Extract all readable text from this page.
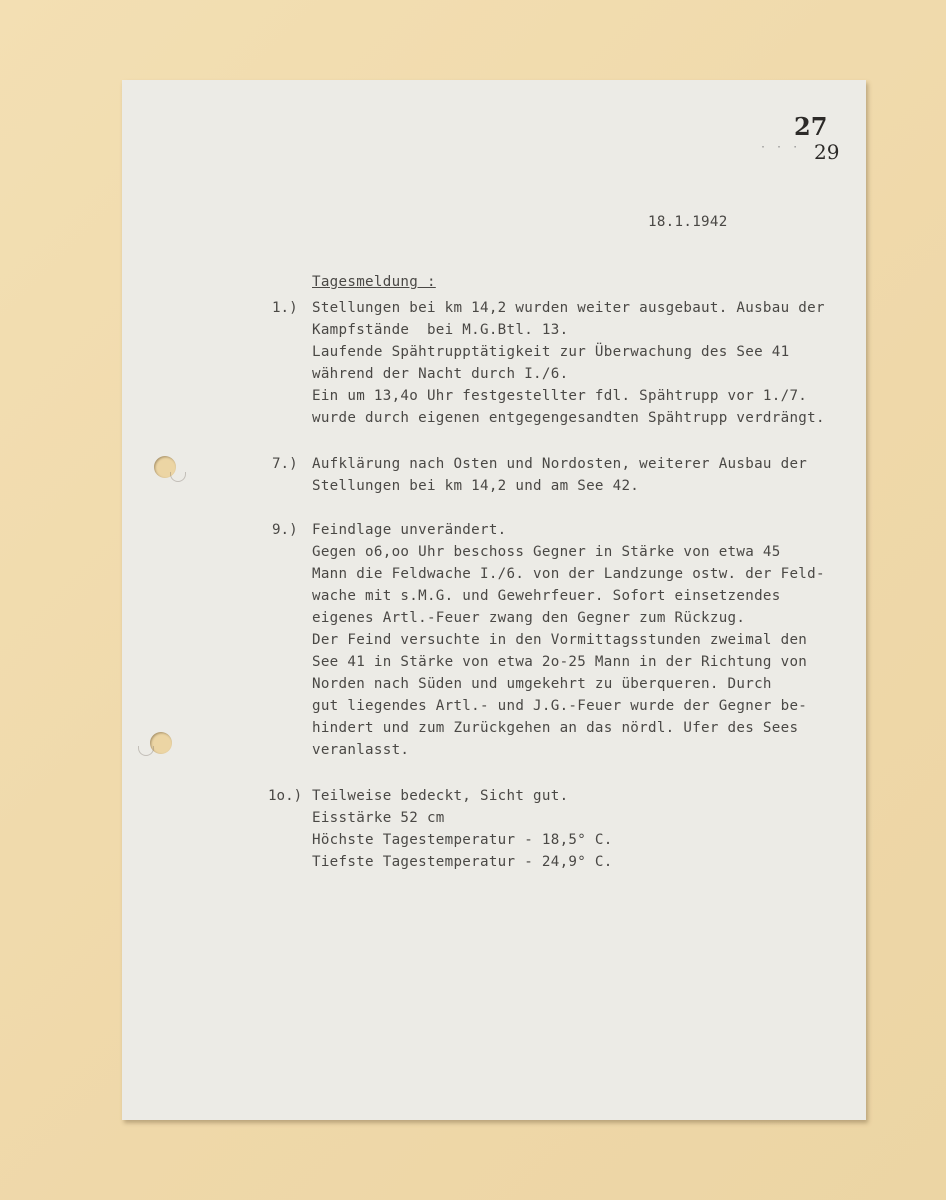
27
· · · 29
18.1.1942
Tagesmeldung :
1.) Stellungen bei km 14,2 wurden weiter ausgebaut. Ausbau der
Kampfstände  bei M.G.Btl. 13.
Laufende Spähtrupptätigkeit zur Überwachung des See 41
während der Nacht durch I./6.
Ein um 13,4o Uhr festgestellter fdl. Spähtrupp vor 1./7.
wurde durch eigenen entgegengesandten Spähtrupp verdrängt.
7.) Aufklärung nach Osten und Nordosten, weiterer Ausbau der
Stellungen bei km 14,2 und am See 42.
9.) Feindlage unverändert.
Gegen o6,oo Uhr beschoss Gegner in Stärke von etwa 45
Mann die Feldwache I./6. von der Landzunge ostw. der Feld-
wache mit s.M.G. und Gewehrfeuer. Sofort einsetzendes
eigenes Artl.-Feuer zwang den Gegner zum Rückzug.
Der Feind versuchte in den Vormittagsstunden zweimal den
See 41 in Stärke von etwa 2o-25 Mann in der Richtung von
Norden nach Süden und umgekehrt zu überqueren. Durch
gut liegendes Artl.- und J.G.-Feuer wurde der Gegner be-
hindert und zum Zurückgehen an das nördl. Ufer des Sees
veranlasst.
1o.) Teilweise bedeckt, Sicht gut.
Eisstärke 52 cm
Höchste Tagestemperatur - 18,5° C.
Tiefste Tagestemperatur - 24,9° C.
